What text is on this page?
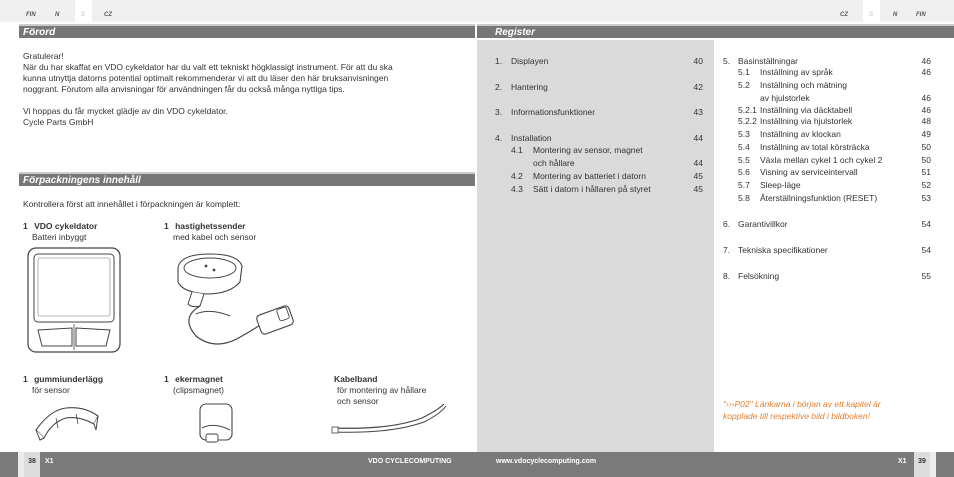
FIN	N	S	CZ	CZ	S	N	FIN
Förord
Gratulerar!
När du har skaffat en VDO cykeldator har du valt ett tekniskt högklassigt instrument. För att du ska
kunna utnyttja datorns potential optimalt rekommenderar vi att du läser den här bruksanvisningen
noggrant. Förutom alla anvisningar för användningen får du också många nyttiga tips.
Vi hoppas du får mycket glädje av din VDO cykeldator.
Cycle Parts GmbH
Förpackningens innehåll
Kontrollera först att innehållet i förpackningen är komplett:
1 VDO cykeldator
Batteri inbyggt
1 hastighetssender
med kabel och sensor
1 gummiunderlägg
för sensor
1 ekermagnet
(clipsmagnet)
Kabelband
för montering av hållare
och sensor
Register
1. Displayen	40
2. Hantering	42
3. Informationsfunktioner	43
4. Installation	44
4.1 Montering av sensor, magnet
och hållare	44
4.2 Montering av batteriet i datorn	45
4.3 Sätt i datorn i hållaren på styret	45
5. Basinställningar	46
5.1 Inställning av språk	46
5.2 Inställning och mätning
av hjulstorlek	46
5.2.1 Inställning via däcktabell	46
5.2.2 Inställning via hjulstorlek	48
5.3 Inställning av klockan	49
5.4 Inställning av total körsträcka	50
5.5 Växla mellan cykel 1 och cykel 2	50
5.6 Visning av serviceintervall	51
5.7 Sleep-läge	52
5.8 Återställningsfunktion (RESET)	53
6. Garantivillkor	54
7. Tekniska specifikationer	54
8. Felsökning	55
"›››P02" Länkarna i början av ett kapitel är
kopplade till respektive bild i bildboken!
38	X1	VDO CYCLECOMPUTING	www.vdocyclecomputing.com	X1	39
